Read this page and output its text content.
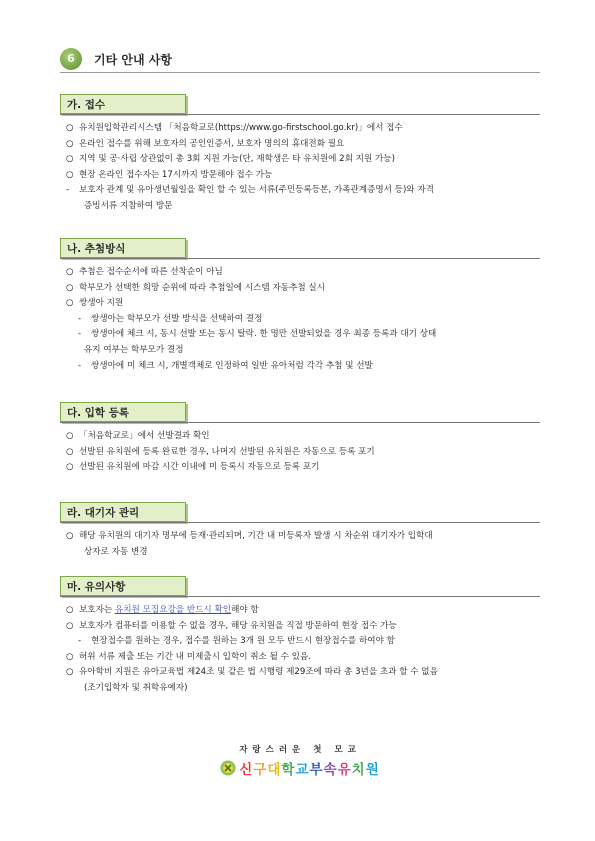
6	기타 안내 사항
가. 접수
○ 유치원입학관리시스템 「처음학교로(https://www.go-firstschool.go.kr)」에서 접수
○ 온라인 접수를 위해 보호자의 공인인증서, 보호자 명의의 휴대전화 필요
○ 지역 및 공·사립 상관없이 총 3회 지원 가능(단, 재학생은 타 유치원에 2회 지원 가능)
○ 현장 온라인 접수자는 17시까지 방문해야 접수 가능
- 보호자 관계 및 유아생년월일을 확인 할 수 있는 서류(주민등록등본, 가족관계증명서 등)와 자격
증빙서류 지참하여 방문
나. 추첨방식
○ 추첨은 접수순서에 따른 선착순이 아님
○ 학부모가 선택한 희망 순위에 따라 추첨일에 시스템 자동추첨 실시
○ 쌍생아 지원
- 쌍생아는 학부모가 선발 방식을 선택하여 결정
- 쌍생아에 체크 시, 동시 선발 또는 동시 탈락. 한 명만 선발되었을 경우 최종 등록과 대기 상태
유지 여부는 학부모가 결정
- 쌍생아에 미 체크 시, 개별객체로 인정하여 일반 유아처럼 각각 추첨 및 선발
다. 입학 등록
○ 「처음학교로」에서 선발결과 확인
○ 선발된 유치원에 등록 완료한 경우, 나머지 선발된 유치원은 자동으로 등록 포기
○ 선발된 유치원에 마감 시간 이내에 미 등록시 자동으로 등록 포기
라. 대기자 관리
○ 해당 유치원의 대기자 명부에 등재·관리되며, 기간 내 미등록자 발생 시 차순위 대기자가 입학대
상자로 자동 변경
마. 유의사항
○ 보호자는 유치원 모집요강을 반드시 확인해야 함
○ 보호자가 컴퓨터를 이용할 수 없을 경우, 해당 유치원을 직접 방문하여 현장 접수 가능
- 현장접수를 원하는 경우, 접수를 원하는 3개 원 모두 반드시 현장접수를 하여야 함
○ 허위 서류 제출 또는 기간 내 미제출시 입학이 취소 될 수 있음.
○ 유아학비 지원은 유아교육법 제24조 및 같은 법 시행령 제29조에 따라 총 3년을 초과 할 수 없음
(조기입학자 및 취학유예자)
자랑스러운 첫 모교
신구대학교부속유치원
